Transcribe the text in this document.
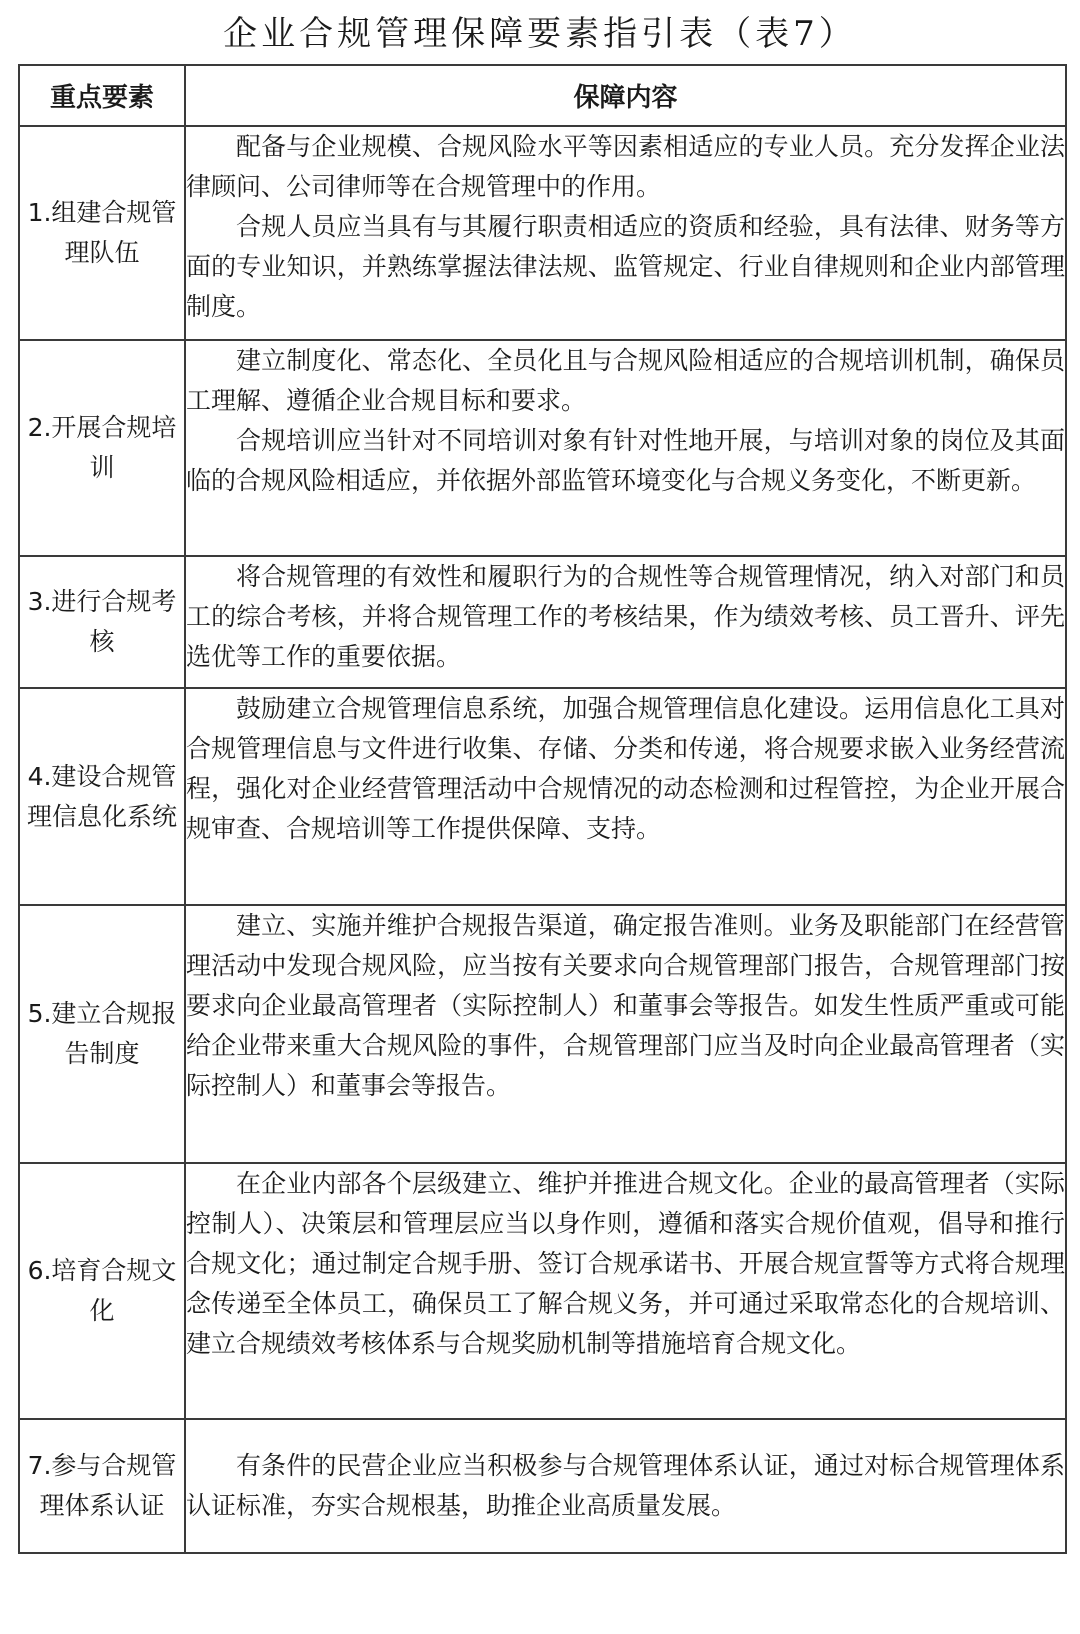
企业合规管理保障要素指引表（表7）
重点要素	保障内容
1.组建合规管理队伍	配备与企业规模、合规风险水平等因素相适应的专业人员。充分发挥企业法律顾问、公司律师等在合规管理中的作用。

合规人员应当具有与其履行职责相适应的资质和经验，具有法律、财务等方面的专业知识，并熟练掌握法律法规、监管规定、行业自律规则和企业内部管理制度。

2.开展合规培训	建立制度化、常态化、全员化且与合规风险相适应的合规培训机制，确保员工理解、遵循企业合规目标和要求。

合规培训应当针对不同培训对象有针对性地开展，与培训对象的岗位及其面临的合规风险相适应，并依据外部监管环境变化与合规义务变化，不断更新。

3.进行合规考核	将合规管理的有效性和履职行为的合规性等合规管理情况，纳入对部门和员工的综合考核，并将合规管理工作的考核结果，作为绩效考核、员工晋升、评先选优等工作的重要依据。

4.建设合规管理信息化系统	鼓励建立合规管理信息系统，加强合规管理信息化建设。运用信息化工具对合规管理信息与文件进行收集、存储、分类和传递，将合规要求嵌入业务经营流程，强化对企业经营管理活动中合规情况的动态检测和过程管控，为企业开展合规审查、合规培训等工作提供保障、支持。

5.建立合规报告制度	建立、实施并维护合规报告渠道，确定报告准则。业务及职能部门在经营管理活动中发现合规风险，应当按有关要求向合规管理部门报告，合规管理部门按要求向企业最高管理者（实际控制人）和董事会等报告。如发生性质严重或可能给企业带来重大合规风险的事件，合规管理部门应当及时向企业最高管理者（实际控制人）和董事会等报告。

6.培育合规文化	在企业内部各个层级建立、维护并推进合规文化。企业的最高管理者（实际控制人）、决策层和管理层应当以身作则，遵循和落实合规价值观，倡导和推行合规文化；通过制定合规手册、签订合规承诺书、开展合规宣誓等方式将合规理念传递至全体员工，确保员工了解合规义务，并可通过采取常态化的合规培训、建立合规绩效考核体系与合规奖励机制等措施培育合规文化。

7.参与合规管理体系认证	有条件的民营企业应当积极参与合规管理体系认证，通过对标合规管理体系认证标准，夯实合规根基，助推企业高质量发展。
